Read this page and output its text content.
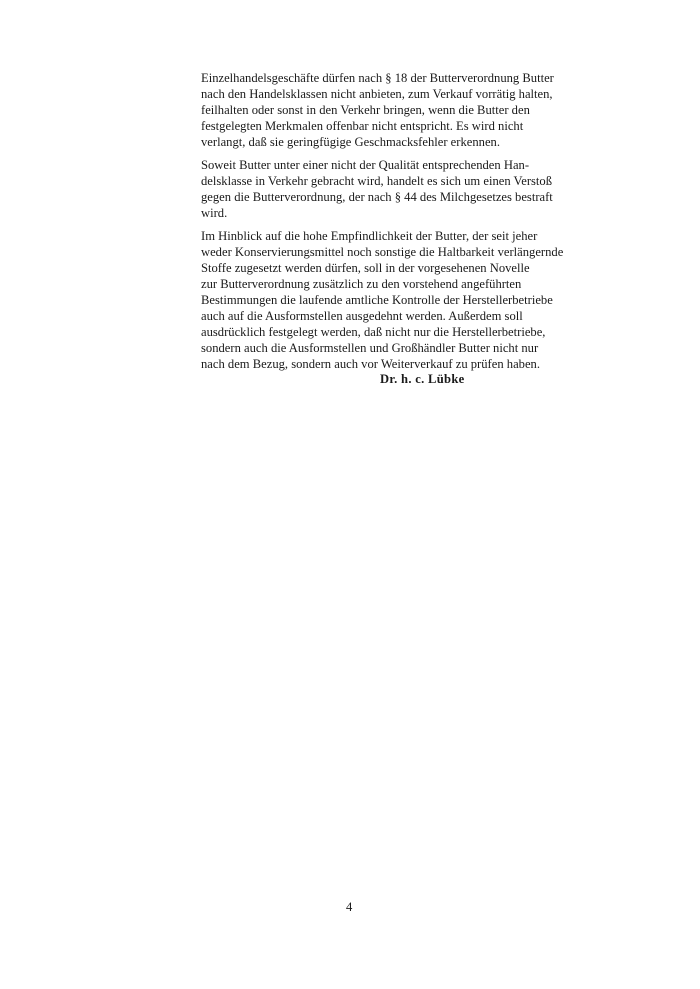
Einzelhandelsgeschäfte dürfen nach § 18 der Butterverordnung Butter
nach den Handelsklassen nicht anbieten, zum Verkauf vorrätig halten,
feilhalten oder sonst in den Verkehr bringen, wenn die Butter den
festgelegten Merkmalen offenbar nicht entspricht. Es wird nicht
verlangt, daß sie geringfügige Geschmacksfehler erkennen.
Soweit Butter unter einer nicht der Qualität entsprechenden Han-
delsklasse in Verkehr gebracht wird, handelt es sich um einen Verstoß
gegen die Butterverordnung, der nach § 44 des Milchgesetzes bestraft
wird.
Im Hinblick auf die hohe Empfindlichkeit der Butter, der seit jeher
weder Konservierungsmittel noch sonstige die Haltbarkeit verlängernde
Stoffe zugesetzt werden dürfen, soll in der vorgesehenen Novelle
zur Butterverordnung zusätzlich zu den vorstehend angeführten
Bestimmungen die laufende amtliche Kontrolle der Herstellerbetriebe
auch auf die Ausformstellen ausgedehnt werden. Außerdem soll
ausdrücklich festgelegt werden, daß nicht nur die Herstellerbetriebe,
sondern auch die Ausformstellen und Großhändler Butter nicht nur
nach dem Bezug, sondern auch vor Weiterverkauf zu prüfen haben.
Dr. h. c. Lübke
4
